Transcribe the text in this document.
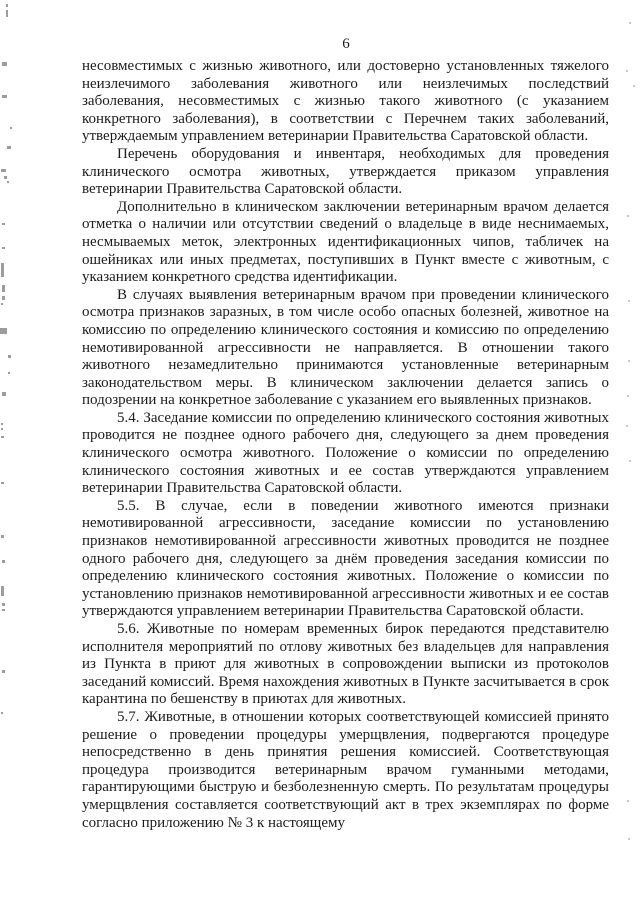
6

несовместимых с жизнью животного, или достоверно установленных тяжелого неизлечимого заболевания животного или неизлечимых последствий заболевания, несовместимых с жизнью такого животного (с указанием конкретного заболевания), в соответствии с Перечнем таких заболеваний, утверждаемым управлением ветеринарии Правительства Саратовской области.

Перечень оборудования и инвентаря, необходимых для проведения клинического осмотра животных, утверждается приказом управления ветеринарии Правительства Саратовской области.

Дополнительно в клиническом заключении ветеринарным врачом делается отметка о наличии или отсутствии сведений о владельце в виде неснимаемых, несмываемых меток, электронных идентификационных чипов, табличек на ошейниках или иных предметах, поступивших в Пункт вместе с животным, с указанием конкретного средства идентификации.

В случаях выявления ветеринарным врачом при проведении клинического осмотра признаков заразных, в том числе особо опасных болезней, животное на комиссию по определению клинического состояния и комиссию по определению немотивированной агрессивности не направляется. В отношении такого животного незамедлительно принимаются установленные ветеринарным законодательством меры. В клиническом заключении делается запись о подозрении на конкретное заболевание с указанием его выявленных признаков.

5.4. Заседание комиссии по определению клинического состояния животных проводится не позднее одного рабочего дня, следующего за днем проведения клинического осмотра животного. Положение о комиссии по определению клинического состояния животных и ее состав утверждаются управлением ветеринарии Правительства Саратовской области.

5.5. В случае, если в поведении животного имеются признаки немотивированной агрессивности, заседание комиссии по установлению признаков немотивированной агрессивности животных проводится не позднее одного рабочего дня, следующего за днём проведения заседания комиссии по определению клинического состояния животных. Положение о комиссии по установлению признаков немотивированной агрессивности животных и ее состав утверждаются управлением ветеринарии Правительства Саратовской области.

5.6. Животные по номерам временных бирок передаются представителю исполнителя мероприятий по отлову животных без владельцев для направления из Пункта в приют для животных в сопровождении выписки из протоколов заседаний комиссий. Время нахождения животных в Пункте засчитывается в срок карантина по бешенству в приютах для животных.

5.7. Животные, в отношении которых соответствующей комиссией принято решение о проведении процедуры умерщвления, подвергаются процедуре непосредственно в день принятия решения комиссией. Соответствующая процедура производится ветеринарным врачом гуманными методами, гарантирующими быструю и безболезненную смерть. По результатам процедуры умерщвления составляется соответствующий акт в трех экземплярах по форме согласно приложению № 3 к настоящему
